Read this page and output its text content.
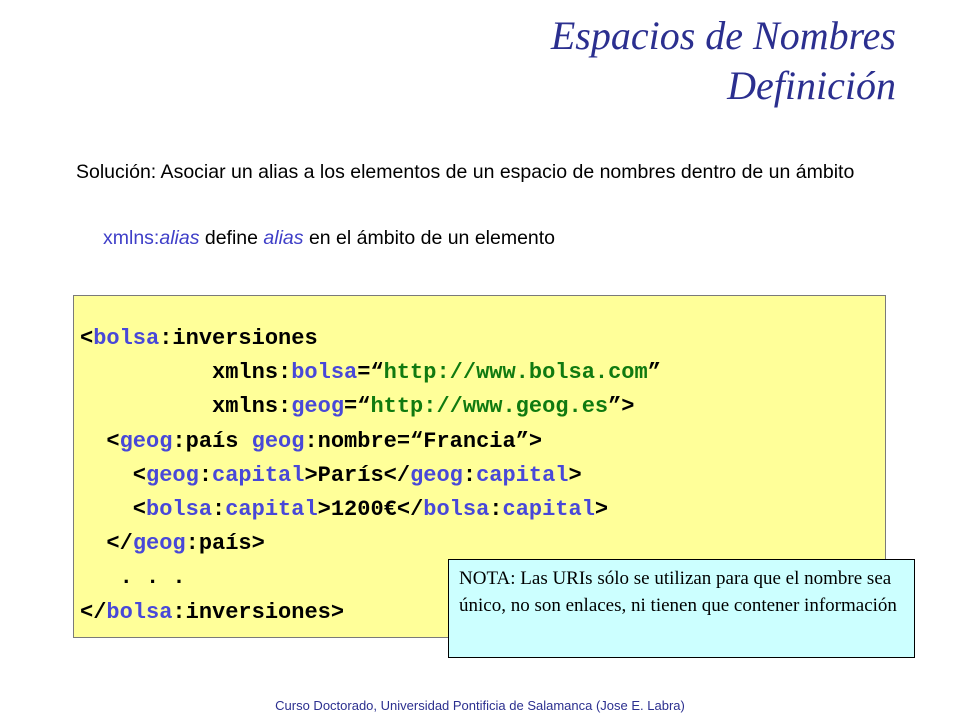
Espacios de Nombres
Definición
Solución: Asociar un alias a los elementos de un espacio de nombres dentro de un ámbito
xmlns:alias define alias en el ámbito de un elemento
<bolsa:inversiones
xmlns:bolsa=“http://www.bolsa.com”
xmlns:geog=“http://www.geog.es”>
<geog:país geog:nombre=“Francia”>
<geog:capital>París</geog:capital>
<bolsa:capital>1200€</bolsa:capital>
</geog:país>
. . .
</bolsa:inversiones>
NOTA: Las URIs sólo se utilizan para que el nombre sea único, no son enlaces, ni tienen que contener información
Curso Doctorado, Universidad Pontificia de Salamanca (Jose E. Labra)
